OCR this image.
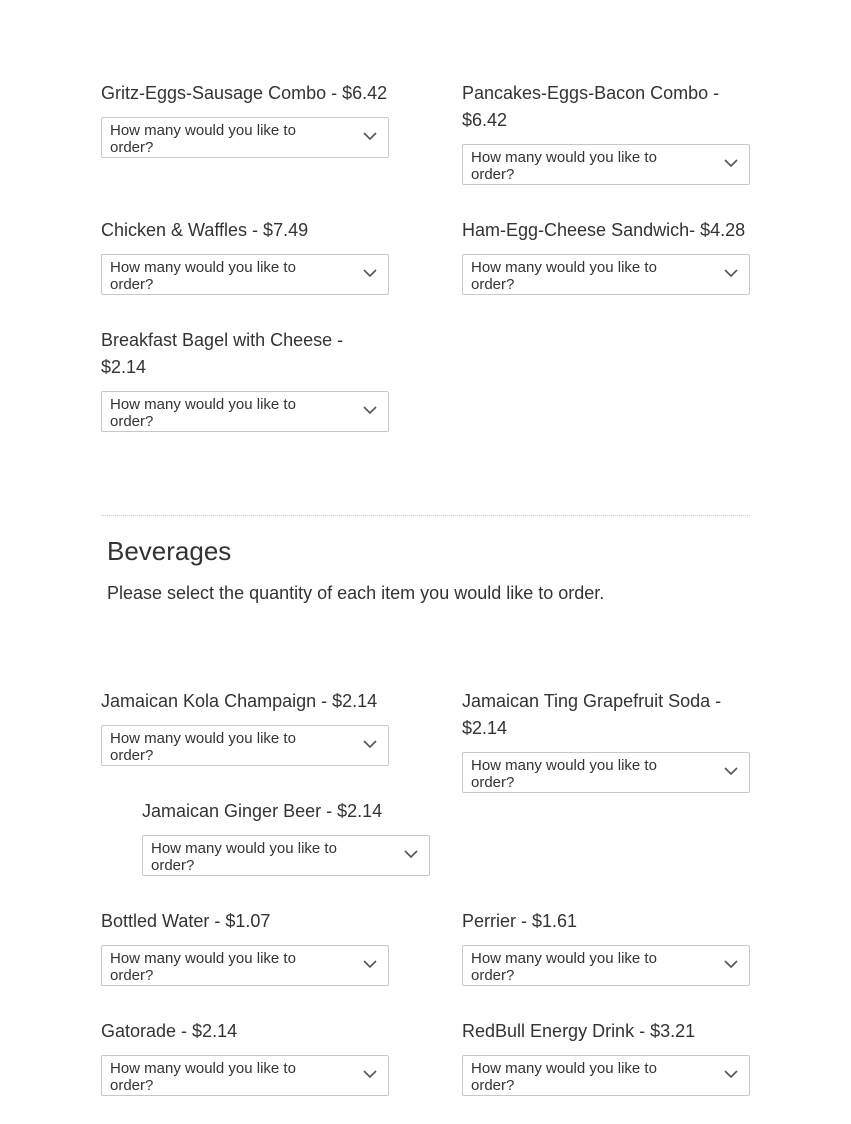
Gritz-Eggs-Sausage Combo - $6.42
How many would you like to order?
Pancakes-Eggs-Bacon Combo - $6.42
How many would you like to order?
Chicken & Waffles - $7.49
How many would you like to order?
Ham-Egg-Cheese Sandwich- $4.28
How many would you like to order?
Breakfast Bagel with Cheese - $2.14
How many would you like to order?
Beverages

Please select the quantity of each item you would like to order.

Jamaican Kola Champaign - $2.14
How many would you like to order?
Jamaican Ting Grapefruit Soda - $2.14
How many would you like to order?
Jamaican Ginger Beer - $2.14
How many would you like to order?
Bottled Water - $1.07
How many would you like to order?
Perrier - $1.61
How many would you like to order?
Gatorade - $2.14
How many would you like to order?
RedBull Energy Drink - $3.21
How many would you like to order?
